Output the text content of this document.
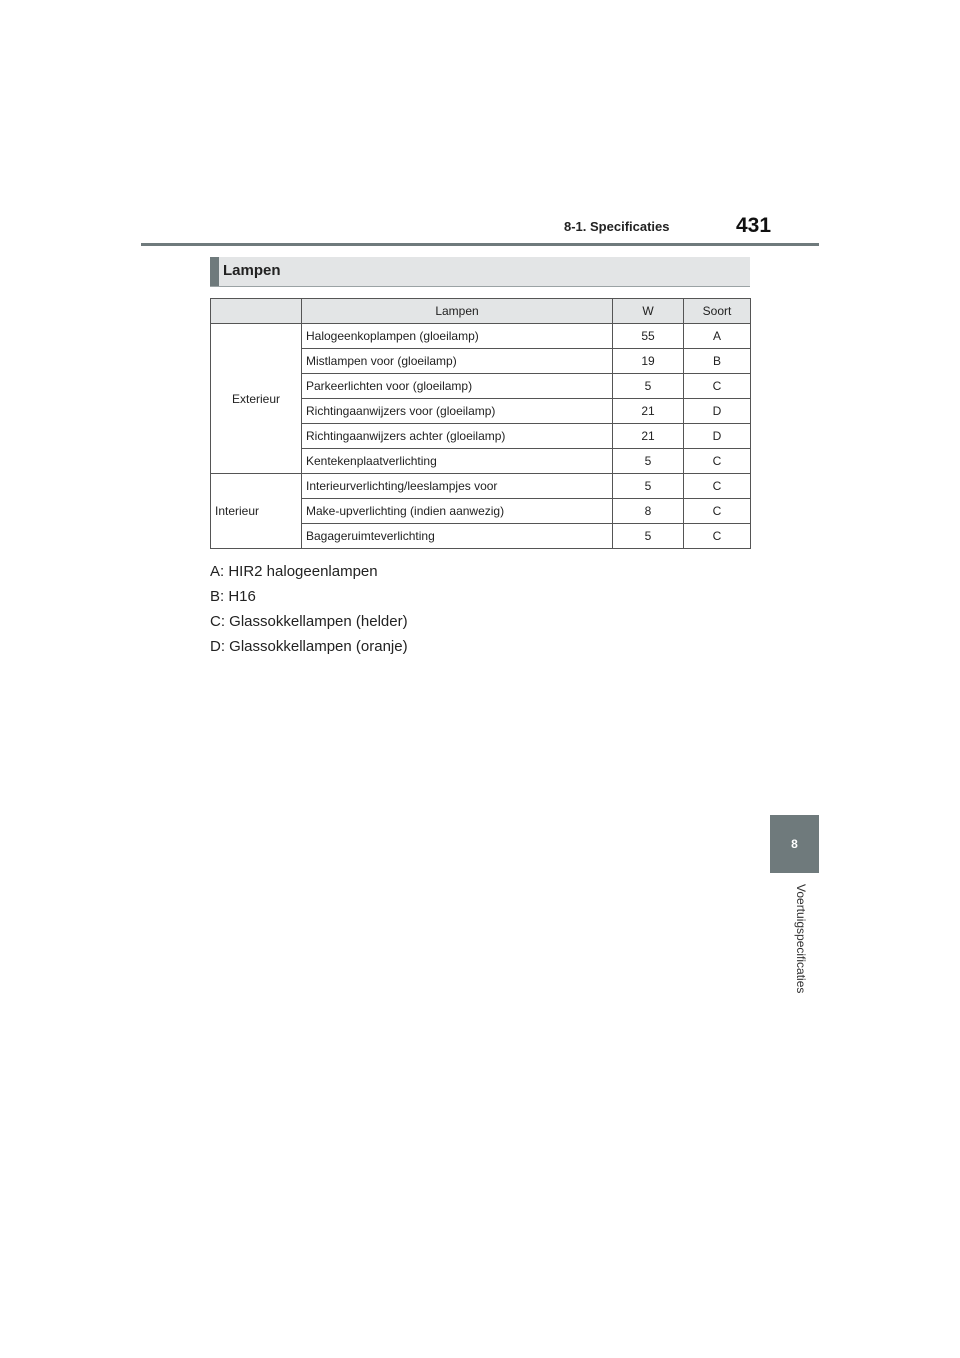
8-1. Specificaties	431
Lampen
	Lampen	W	Soort
Exterieur	Halogeenkoplampen (gloeilamp)	55	A
	Mistlampen voor (gloeilamp)	19	B
	Parkeerlichten voor (gloeilamp)	5	C
	Richtingaanwijzers voor (gloeilamp)	21	D
	Richtingaanwijzers achter (gloeilamp)	21	D
	Kentekenplaatverlichting	5	C
Interieur	Interieurverlichting/leeslampjes voor	5	C
	Make-upverlichting (indien aanwezig)	8	C
	Bagageruimteverlichting	5	C

A: HIR2 halogeenlampen

B: H16

C: Glassokkellampen (helder)

D: Glassokkellampen (oranje)

8
Voertuigspecificaties
